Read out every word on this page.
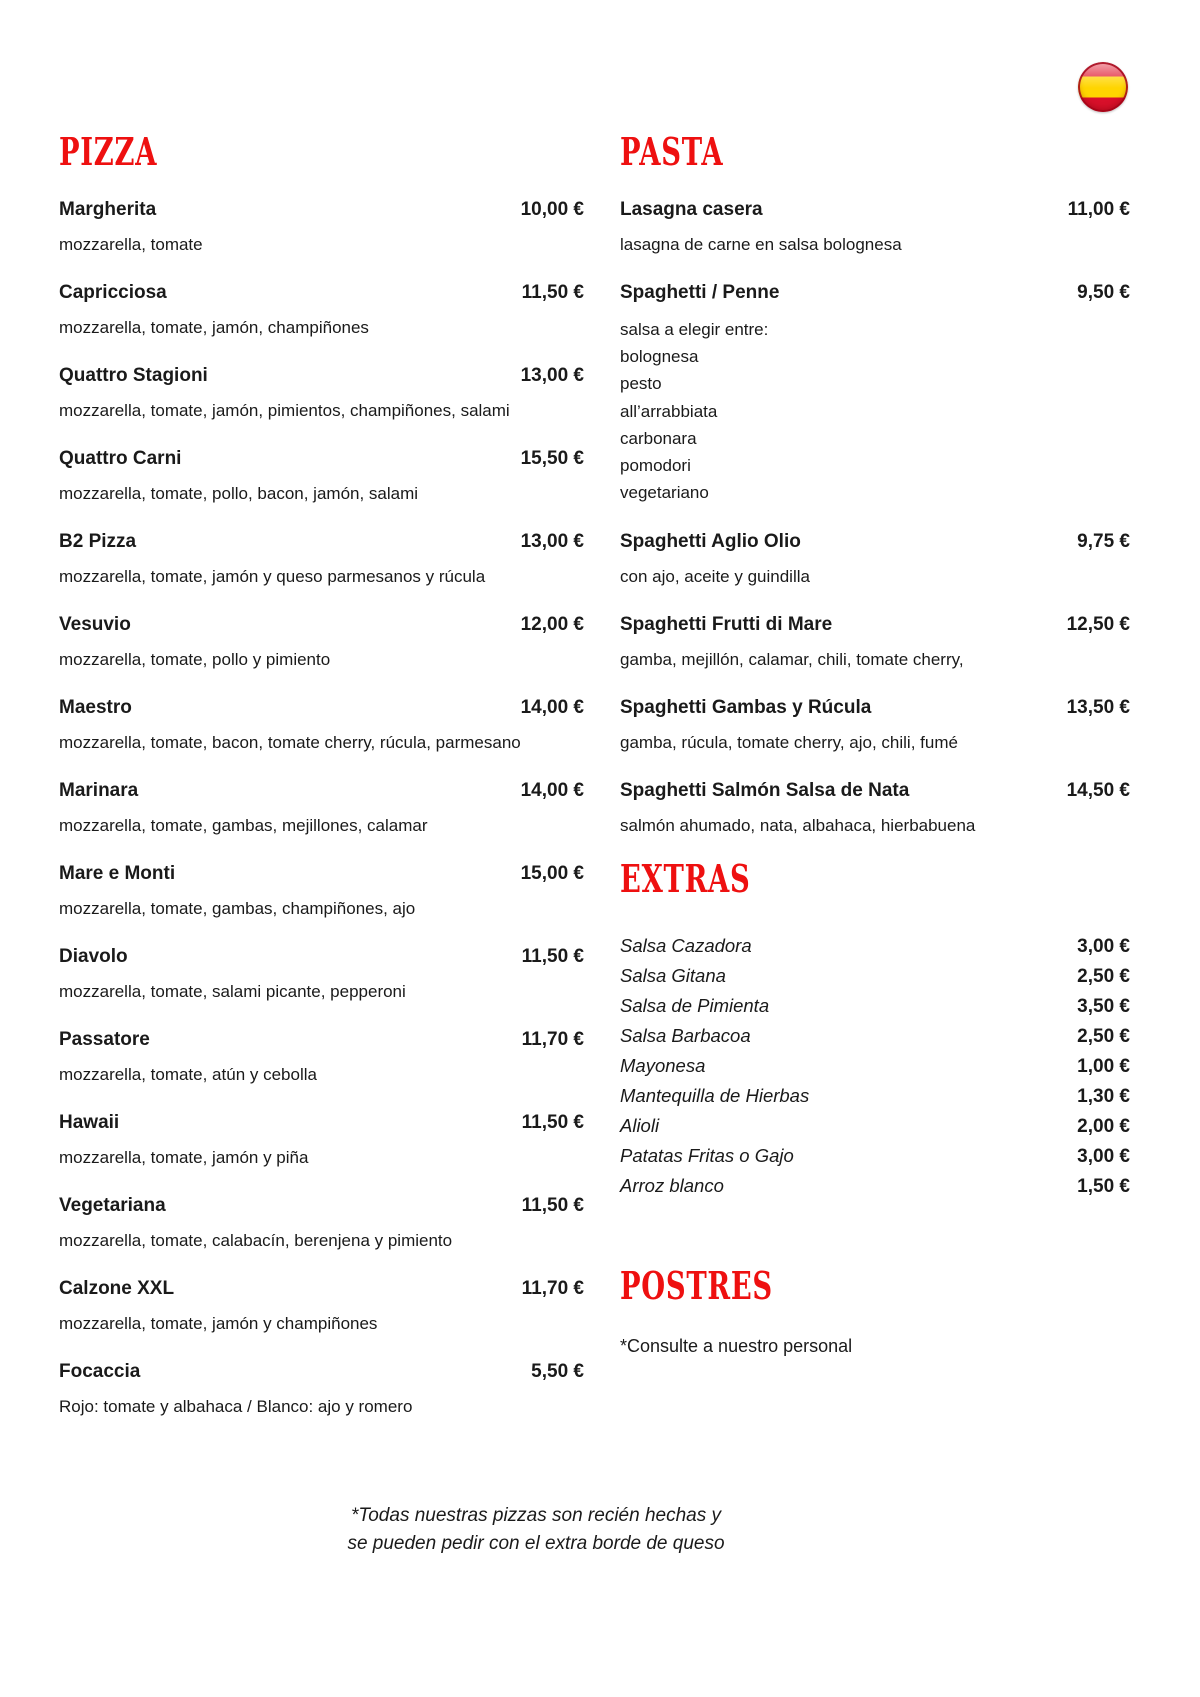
PIZZA
Margherita	10,00 €
mozzarella, tomate
Capricciosa	11,50 €
mozzarella, tomate, jamón, champiñones
Quattro Stagioni	13,00 €
mozzarella, tomate, jamón, pimientos, champiñones, salami
Quattro Carni	15,50 €
mozzarella, tomate, pollo, bacon, jamón, salami
B2 Pizza	13,00 €
mozzarella, tomate, jamón y queso parmesanos y rúcula
Vesuvio	12,00 €
mozzarella, tomate, pollo y pimiento
Maestro	14,00 €
mozzarella, tomate, bacon, tomate cherry, rúcula, parmesano
Marinara	14,00 €
mozzarella, tomate, gambas, mejillones, calamar
Mare e Monti	15,00 €
mozzarella, tomate, gambas, champiñones, ajo
Diavolo	11,50 €
mozzarella, tomate, salami picante, pepperoni
Passatore	11,70 €
mozzarella, tomate, atún y cebolla
Hawaii	11,50 €
mozzarella, tomate, jamón y piña
Vegetariana	11,50 €
mozzarella, tomate, calabacín, berenjena y pimiento
Calzone XXL	11,70 €
mozzarella, tomate, jamón y champiñones
Focaccia	5,50 €
Rojo: tomate y albahaca / Blanco: ajo y romero
PASTA
Lasagna casera	11,00 €
lasagna de carne en salsa bolognesa
Spaghetti / Penne	9,50 €
salsa a elegir entre:
bolognesa
pesto
all’arrabbiata
carbonara
pomodori
vegetariano
Spaghetti Aglio Olio	9,75 €
con ajo, aceite y guindilla
Spaghetti Frutti di Mare	12,50 €
gamba, mejillón, calamar, chili, tomate cherry,
Spaghetti Gambas y Rúcula	13,50 €
gamba, rúcula, tomate cherry, ajo, chili, fumé
Spaghetti Salmón Salsa de Nata	14,50 €
salmón ahumado, nata, albahaca, hierbabuena
EXTRAS
Salsa Cazadora	3,00 €
Salsa Gitana	2,50 €
Salsa de Pimienta	3,50 €
Salsa Barbacoa	2,50 €
Mayonesa	1,00 €
Mantequilla de Hierbas	1,30 €
Alioli	2,00 €
Patatas Fritas o Gajo	3,00 €
Arroz blanco	1,50 €
POSTRES
*Consulte a nuestro personal
*Todas nuestras pizzas son recién hechas y
se pueden pedir con el extra borde de queso
